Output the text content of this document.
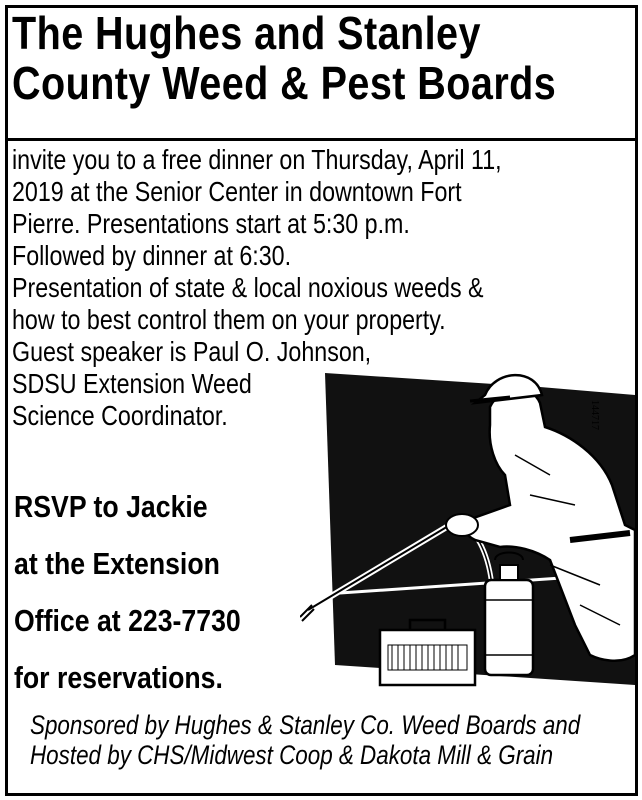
The Hughes and Stanley
County Weed & Pest Boards
invite you to a free dinner on Thursday, April 11,
2019 at the Senior Center in downtown Fort
Pierre. Presentations start at 5:30 p.m.
Followed by dinner at 6:30.
Presentation of state & local noxious weeds &
how to best control them on your property.
Guest speaker is Paul O. Johnson,
SDSU Extension Weed
Science Coordinator.
RSVP to Jackie
at the Extension
Office at 223-7730
for reservations.
144717
Sponsored by Hughes & Stanley Co. Weed Boards and
Hosted by CHS/Midwest Coop & Dakota Mill & Grain
